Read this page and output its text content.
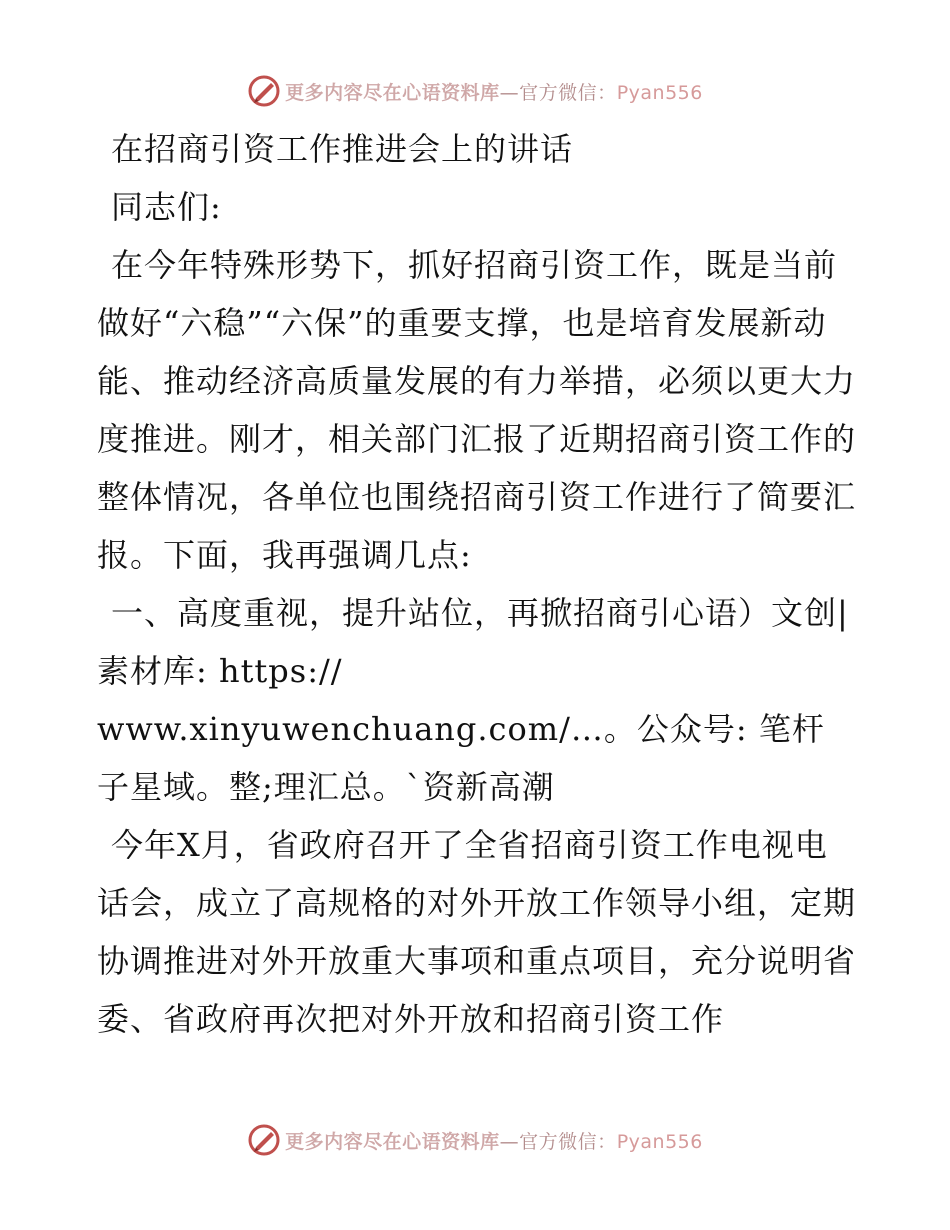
更多内容尽在心语资料库—官方微信：Pyan556

在招商引资工作推进会上的讲话

同志们:

在今年特殊形势下，抓好招商引资工作，既是当前做好“六稳”“六保”的重要支撑，也是培育发展新动能、推动经济高质量发展的有力举措，必须以更大力度推进。刚才，相关部门汇报了近期招商引资工作的整体情况，各单位也围绕招商引资工作进行了简要汇报。下面，我再强调几点:

一、高度重视，提升站位，再掀招商引心语）文创|素材库: https://

www.xinyuwenchuang.com/…。公众号: 笔杆子星域。整;理汇总。`资新高潮

今年X月，省政府召开了全省招商引资工作电视电话会，成立了高规格的对外开放工作领导小组，定期协调推进对外开放重大事项和重点项目，充分说明省委、省政府再次把对外开放和招商引资工作

更多内容尽在心语资料库—官方微信：Pyan556
